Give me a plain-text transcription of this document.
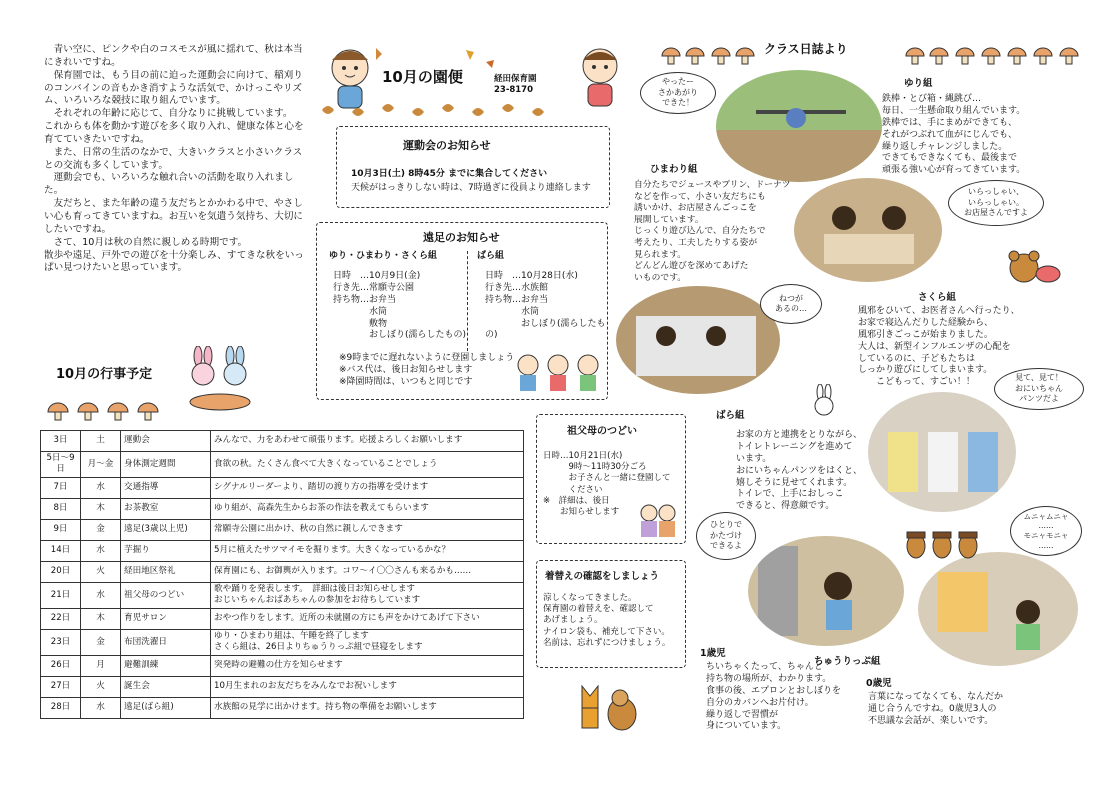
　青い空に、ピンクや白のコスモスが風に揺れて、秋は本当にきれいですね。
　保育園では、もう目の前に迫った運動会に向けて、稲刈りのコンバインの音もかき消すような活気で、かけっこやリズム、いろいろな競技に取り組んでいます。
　それぞれの年齢に応じて、自分なりに挑戦しています。
これからも体を動かす遊びを多く取り入れ、健康な体と心を育てていきたいですね。
　また、日常の生活のなかで、大きいクラスと小さいクラスとの交流も多くしています。
　運動会でも、いろいろな触れ合いの活動を取り入れました。
　友だちと、また年齢の違う友だちとかかわる中で、やさしい心も育ってきていますね。お互いを気遣う気持ち、大切にしたいですね。
　さて、10月は秋の自然に親しめる時期です。
散歩や遠足、戸外での遊びを十分楽しみ、すてきな秋をいっぱい見つけたいと思っています。

10月の園便	経田保育園
23-8170
運動会のお知らせ
10月3日(土) 8時45分 までに集合してください
天候がはっきりしない時は、7時過ぎに役員より連絡します
遠足のお知らせ
ゆり・ひまわり・さくら組
日時　…10月9日(金)
行き先…常願寺公園
持ち物…お弁当
　　　　水筒
　　　　敷物
　　　　おしぼり(濡らしたもの)
ばら組
日時　…10月28日(水)
行き先…水族館
持ち物…お弁当
　　　　水筒
　　　　おしぼり(濡らしたもの)
※9時までに遅れないように登園しましょう
※バス代は、後日お知らせします
※降園時間は、いつもと同じです
10月の行事予定
3日	土	運動会	みんなで、力をあわせて頑張ります。応援よろしくお願いします
5日～9日	月～金	身体測定週間	食欲の秋。たくさん食べて大きくなっていることでしょう
7日	水	交通指導	シグナルリーダーより、踏切の渡り方の指導を受けます
8日	木	お茶教室	ゆり組が、高森先生からお茶の作法を教えてもらいます
9日	金	遠足(3歳以上児)	常願寺公園に出かけ、秋の自然に親しんできます
14日	水	芋掘り	5月に植えたサツマイモを掘ります。大きくなっているかな？
20日	火	経田地区祭礼	保育園にも、お御輿が入ります。コワ～イ〇〇さんも来るかも……
21日	水	祖父母のつどい	歌や踊りを発表します。　詳細は後日お知らせします
おじいちゃんおばあちゃんの参加をお待ちしています
22日	木	育児サロン	おやつ作りをします。近所の未就園の方にも声をかけてあげて下さい
23日	金	布団洗濯日	ゆり・ひまわり組は、午睡を終了します
さくら組は、26日よりちゅうりっぷ組で昼寝をします
26日	月	避難訓練	突発時の避難の仕方を知らせます
27日	火	誕生会	10月生まれのお友だちをみんなでお祝いします
28日	水	遠足(ばら組)	水族館の見学に出かけます。持ち物の準備をお願いします
祖父母のつどい
日時…10月21日(水)
　　　9時～11時30分ごろ
　　　お子さんと一緒に登園して
　　　ください
※　詳細は、後日
　　お知らせします
着替えの確認をしましょう
涼しくなってきました。
保育園の着替えを、確認して
あげましょう。
ナイロン袋も、補充して下さい。
名前は、忘れずにつけましょう。
クラス日誌より
やったー
さかあがり
できた！
いらっしゃい、
いらっしゃい。
お店屋さんですよ
ねつが
あるの…
見て、見て！
おにいちゃん
パンツだよ
ひとりで
かたづけ
できるよ
ムニャムニャ
……
モニャモニャ
……
ゆり組
鉄棒・とび箱・縄跳び…
毎日、一生懸命取り組んでいます。
鉄棒では、手にまめができても、
それがつぶれて血がにじんでも、
繰り返しチャレンジしました。
できてもできなくても、最後まで
頑張る強い心が育ってきています。
ひまわり組
自分たちでジュースやプリン、ドーナツ
などを作って、小さい友だちにも
誘いかけ、お店屋さんごっこを
展開しています。
じっくり遊び込んで、自分たちで
考えたり、工夫したりする姿が
見られます。
どんどん遊びを深めてあげた
いものです。
さくら組
風邪をひいて、お医者さんへ行ったり、
お家で寝込んだりした経験から、
風邪引きごっこが始まりました。
大人は、新型インフルエンザの心配を
しているのに、子どもたちは
しっかり遊びにしてしまいます。
　　こどもって、すごい！！
ばら組
お家の方と連携をとりながら、
トイレトレーニングを進めて
います。
おにいちゃんパンツをはくと、
嬉しそうに見せてくれます。
トイレで、上手におしっこ
できると、得意顔です。
1歳児
ちいちゃくたって、ちゃんと
持ち物の場所が、わかります。
食事の後、エプロンとおしぼりを
自分のカバンへお片付け。
繰り返しで習慣が
身についています。
ちゅうりっぷ組
0歳児
言葉になってなくても、なんだか
通じ合うんですね。0歳児3人の
不思議な会話が、楽しいです。
